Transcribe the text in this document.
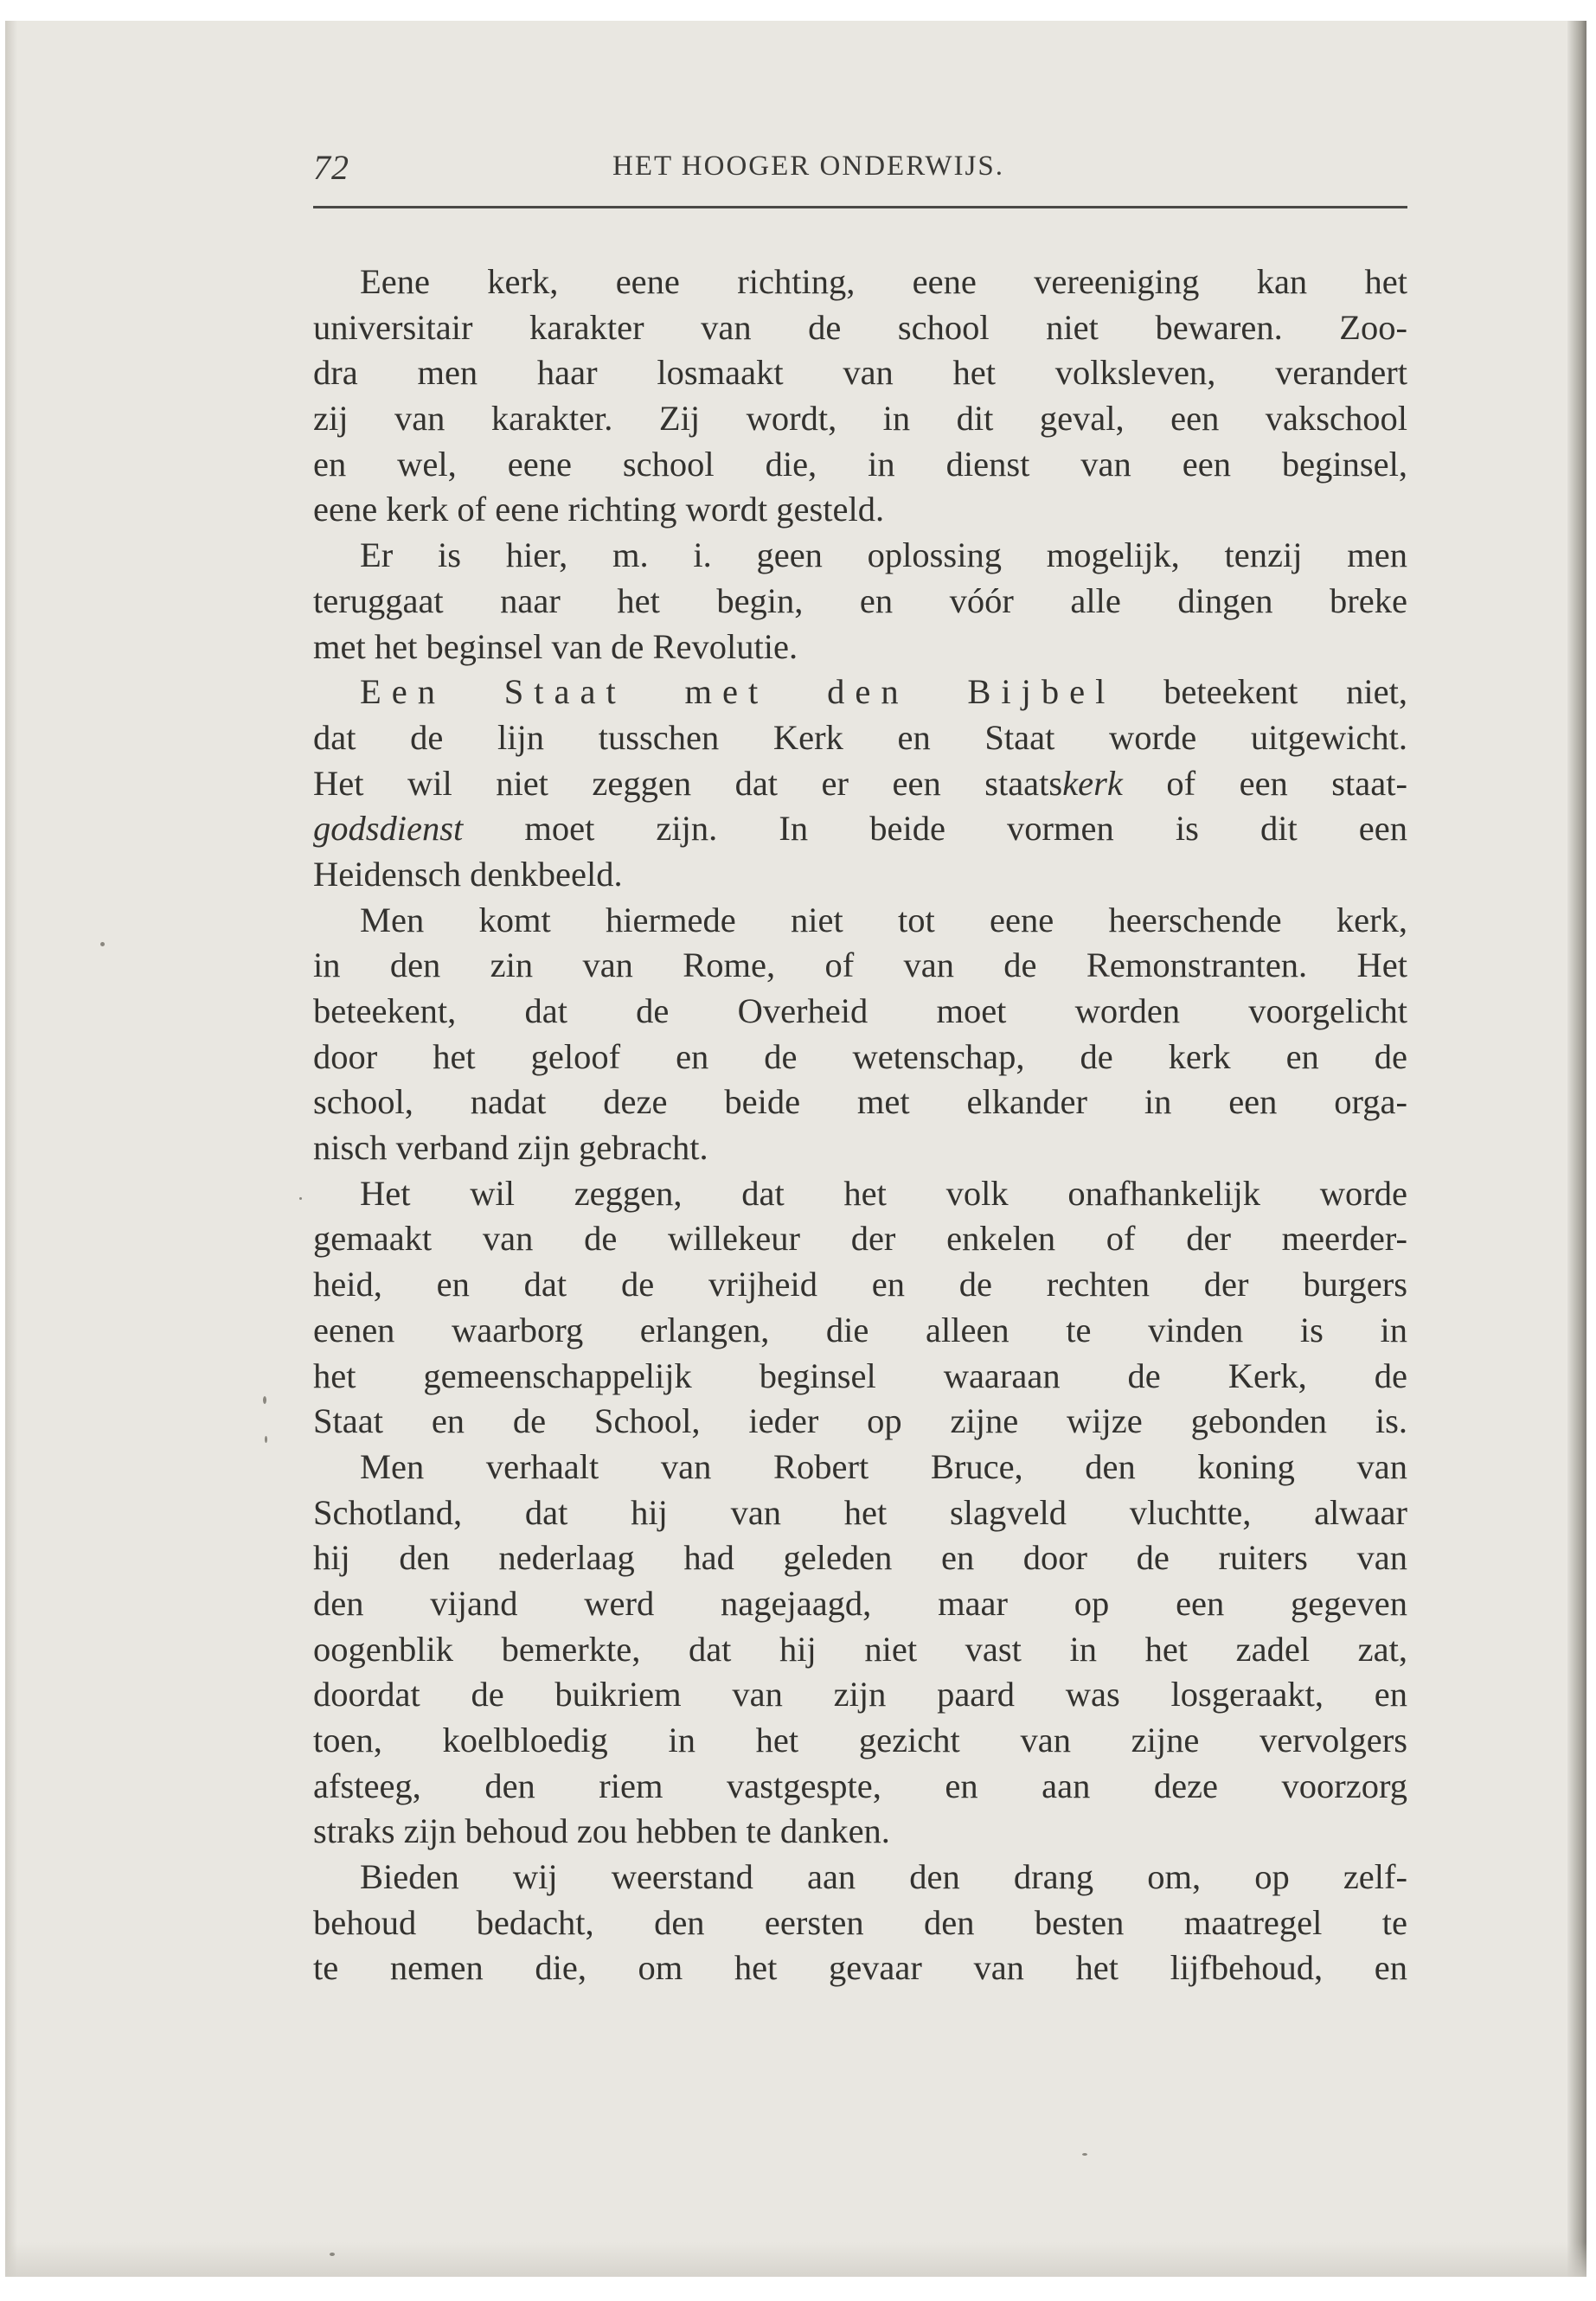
72	HET HOOGER ONDERWIJS.
Eene kerk, eene richting, eene vereeniging kan het
universitair karakter van de school niet bewaren. Zoo-
dra men haar losmaakt van het volksleven, verandert
zij van karakter. Zij wordt, in dit geval, een vakschool
en wel, eene school die, in dienst van een beginsel,
eene kerk of eene richting wordt gesteld.
Er is hier, m. i. geen oplossing mogelijk, tenzij men
teruggaat naar het begin, en vóór alle dingen breke
met het beginsel van de Revolutie.
Een Staat met den Bijbel beteekent niet,
dat de lijn tusschen Kerk en Staat worde uitgewicht.
Het wil niet zeggen dat er een staatskerk of een staat-
godsdienst moet zijn. In beide vormen is dit een
Heidensch denkbeeld.
Men komt hiermede niet tot eene heerschende kerk,
in den zin van Rome, of van de Remonstranten. Het
beteekent, dat de Overheid moet worden voorgelicht
door het geloof en de wetenschap, de kerk en de
school, nadat deze beide met elkander in een orga-
nisch verband zijn gebracht.
Het wil zeggen, dat het volk onafhankelijk worde
gemaakt van de willekeur der enkelen of der meerder-
heid, en dat de vrijheid en de rechten der burgers
eenen waarborg erlangen, die alleen te vinden is in
het gemeenschappelijk beginsel waaraan de Kerk, de
Staat en de School, ieder op zijne wijze gebonden is.
Men verhaalt van Robert Bruce, den koning van
Schotland, dat hij van het slagveld vluchtte, alwaar
hij den nederlaag had geleden en door de ruiters van
den vijand werd nagejaagd, maar op een gegeven
oogenblik bemerkte, dat hij niet vast in het zadel zat,
doordat de buikriem van zijn paard was losgeraakt, en
toen, koelbloedig in het gezicht van zijne vervolgers
afsteeg, den riem vastgespte, en aan deze voorzorg
straks zijn behoud zou hebben te danken.
Bieden wij weerstand aan den drang om, op zelf-
behoud bedacht, den eersten den besten maatregel te
te nemen die, om het gevaar van het lijfbehoud, en
